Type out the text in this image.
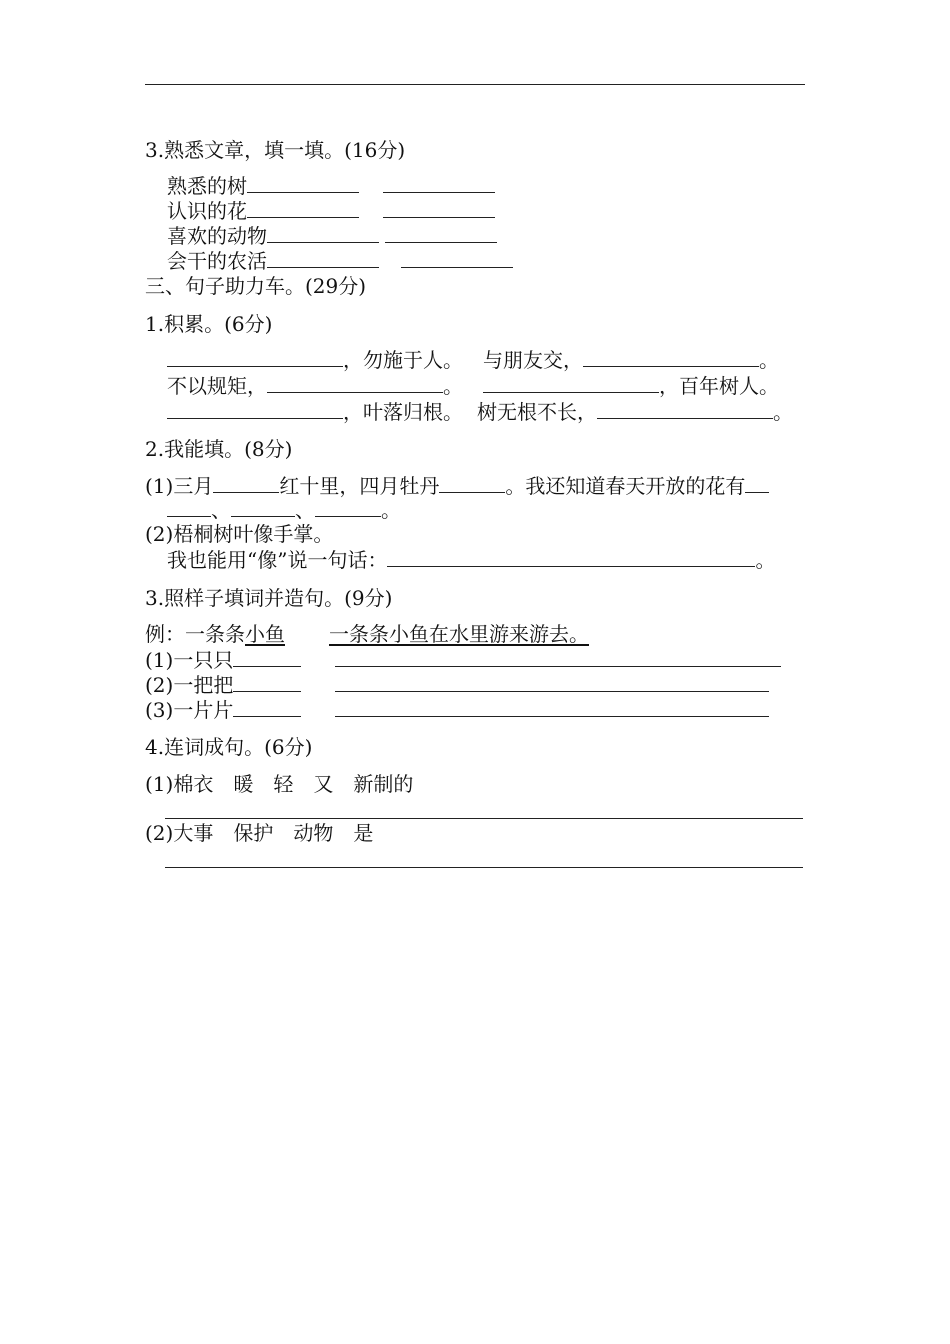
3.熟悉文章，填一填。(16分)
熟悉的树
认识的花
喜欢的动物
会干的农活
三、句子助力车。(29分)
1.积累。(6分)
，勿施于人。 与朋友交，	。
不以规矩，	。	，百年树人。
，叶落归根。 树无根不长，	。
2.我能填。(8分)
(1)三月	红十里，四月牡丹	。我还知道春天开放的花有
、	、	。
(2)梧桐树叶像手掌。
我也能用“像”说一句话：	。
3.照样子填词并造句。(9分)
例：一条条小鱼 一条条小鱼在水里游来游去。
(1)一只只
(2)一把把
(3)一片片
4.连词成句。(6分)
(1)棉衣　暖　轻　又　新制的
(2)大事　保护　动物　是
